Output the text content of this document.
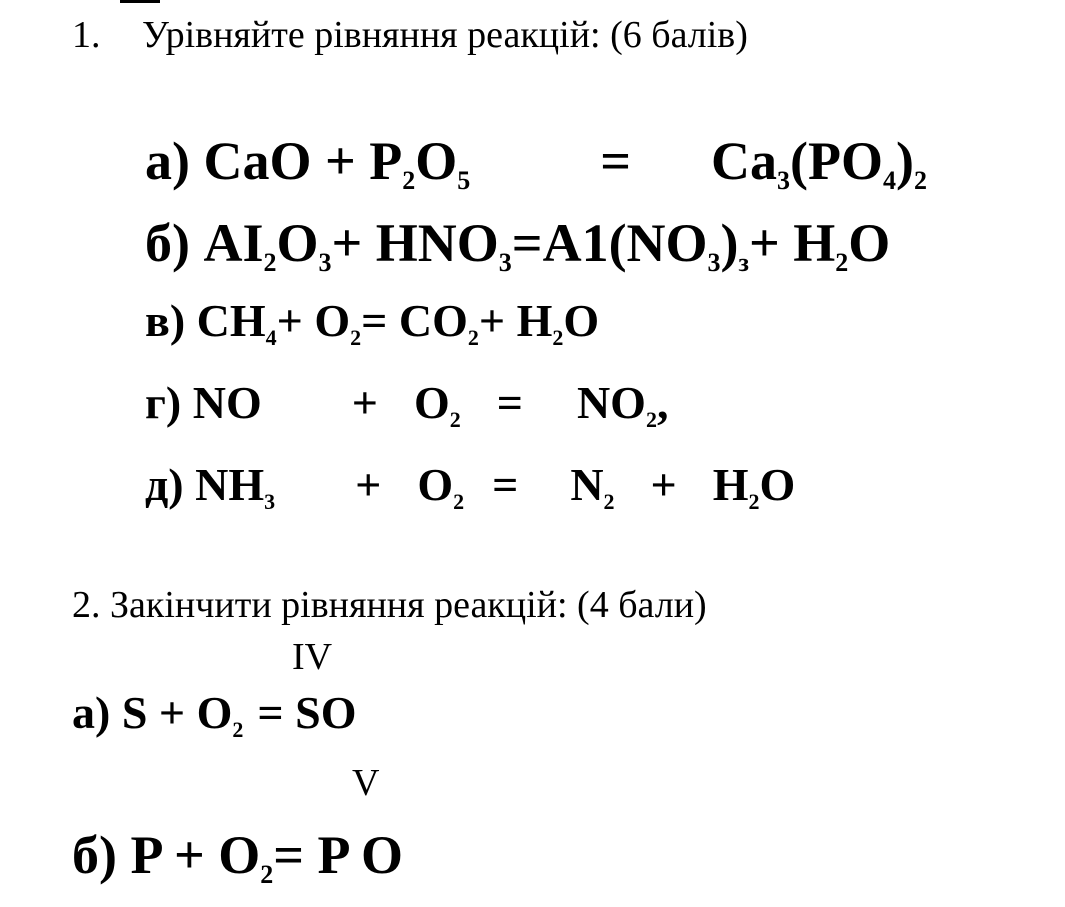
1. Урівняйте рівняння реакцій: (6 балів)
а) CaO + $P_2O_5 = Ca_3(PO_4)_2$
б) $AI_2O_3+ HNO_3=A1(NO_3)_з+ H_2O$
в) $CH_4+ O_2= CO_2+ H_2O$
г) NO + $O_2 = NO_2$,
д) $NH_3 + O_2 = N_2 + H_2O$
2. Закінчити рівняння реакцій: (4 бали)
IV
а) $S + O_2$ = SO
V
б) $P + O_2= P$ O
